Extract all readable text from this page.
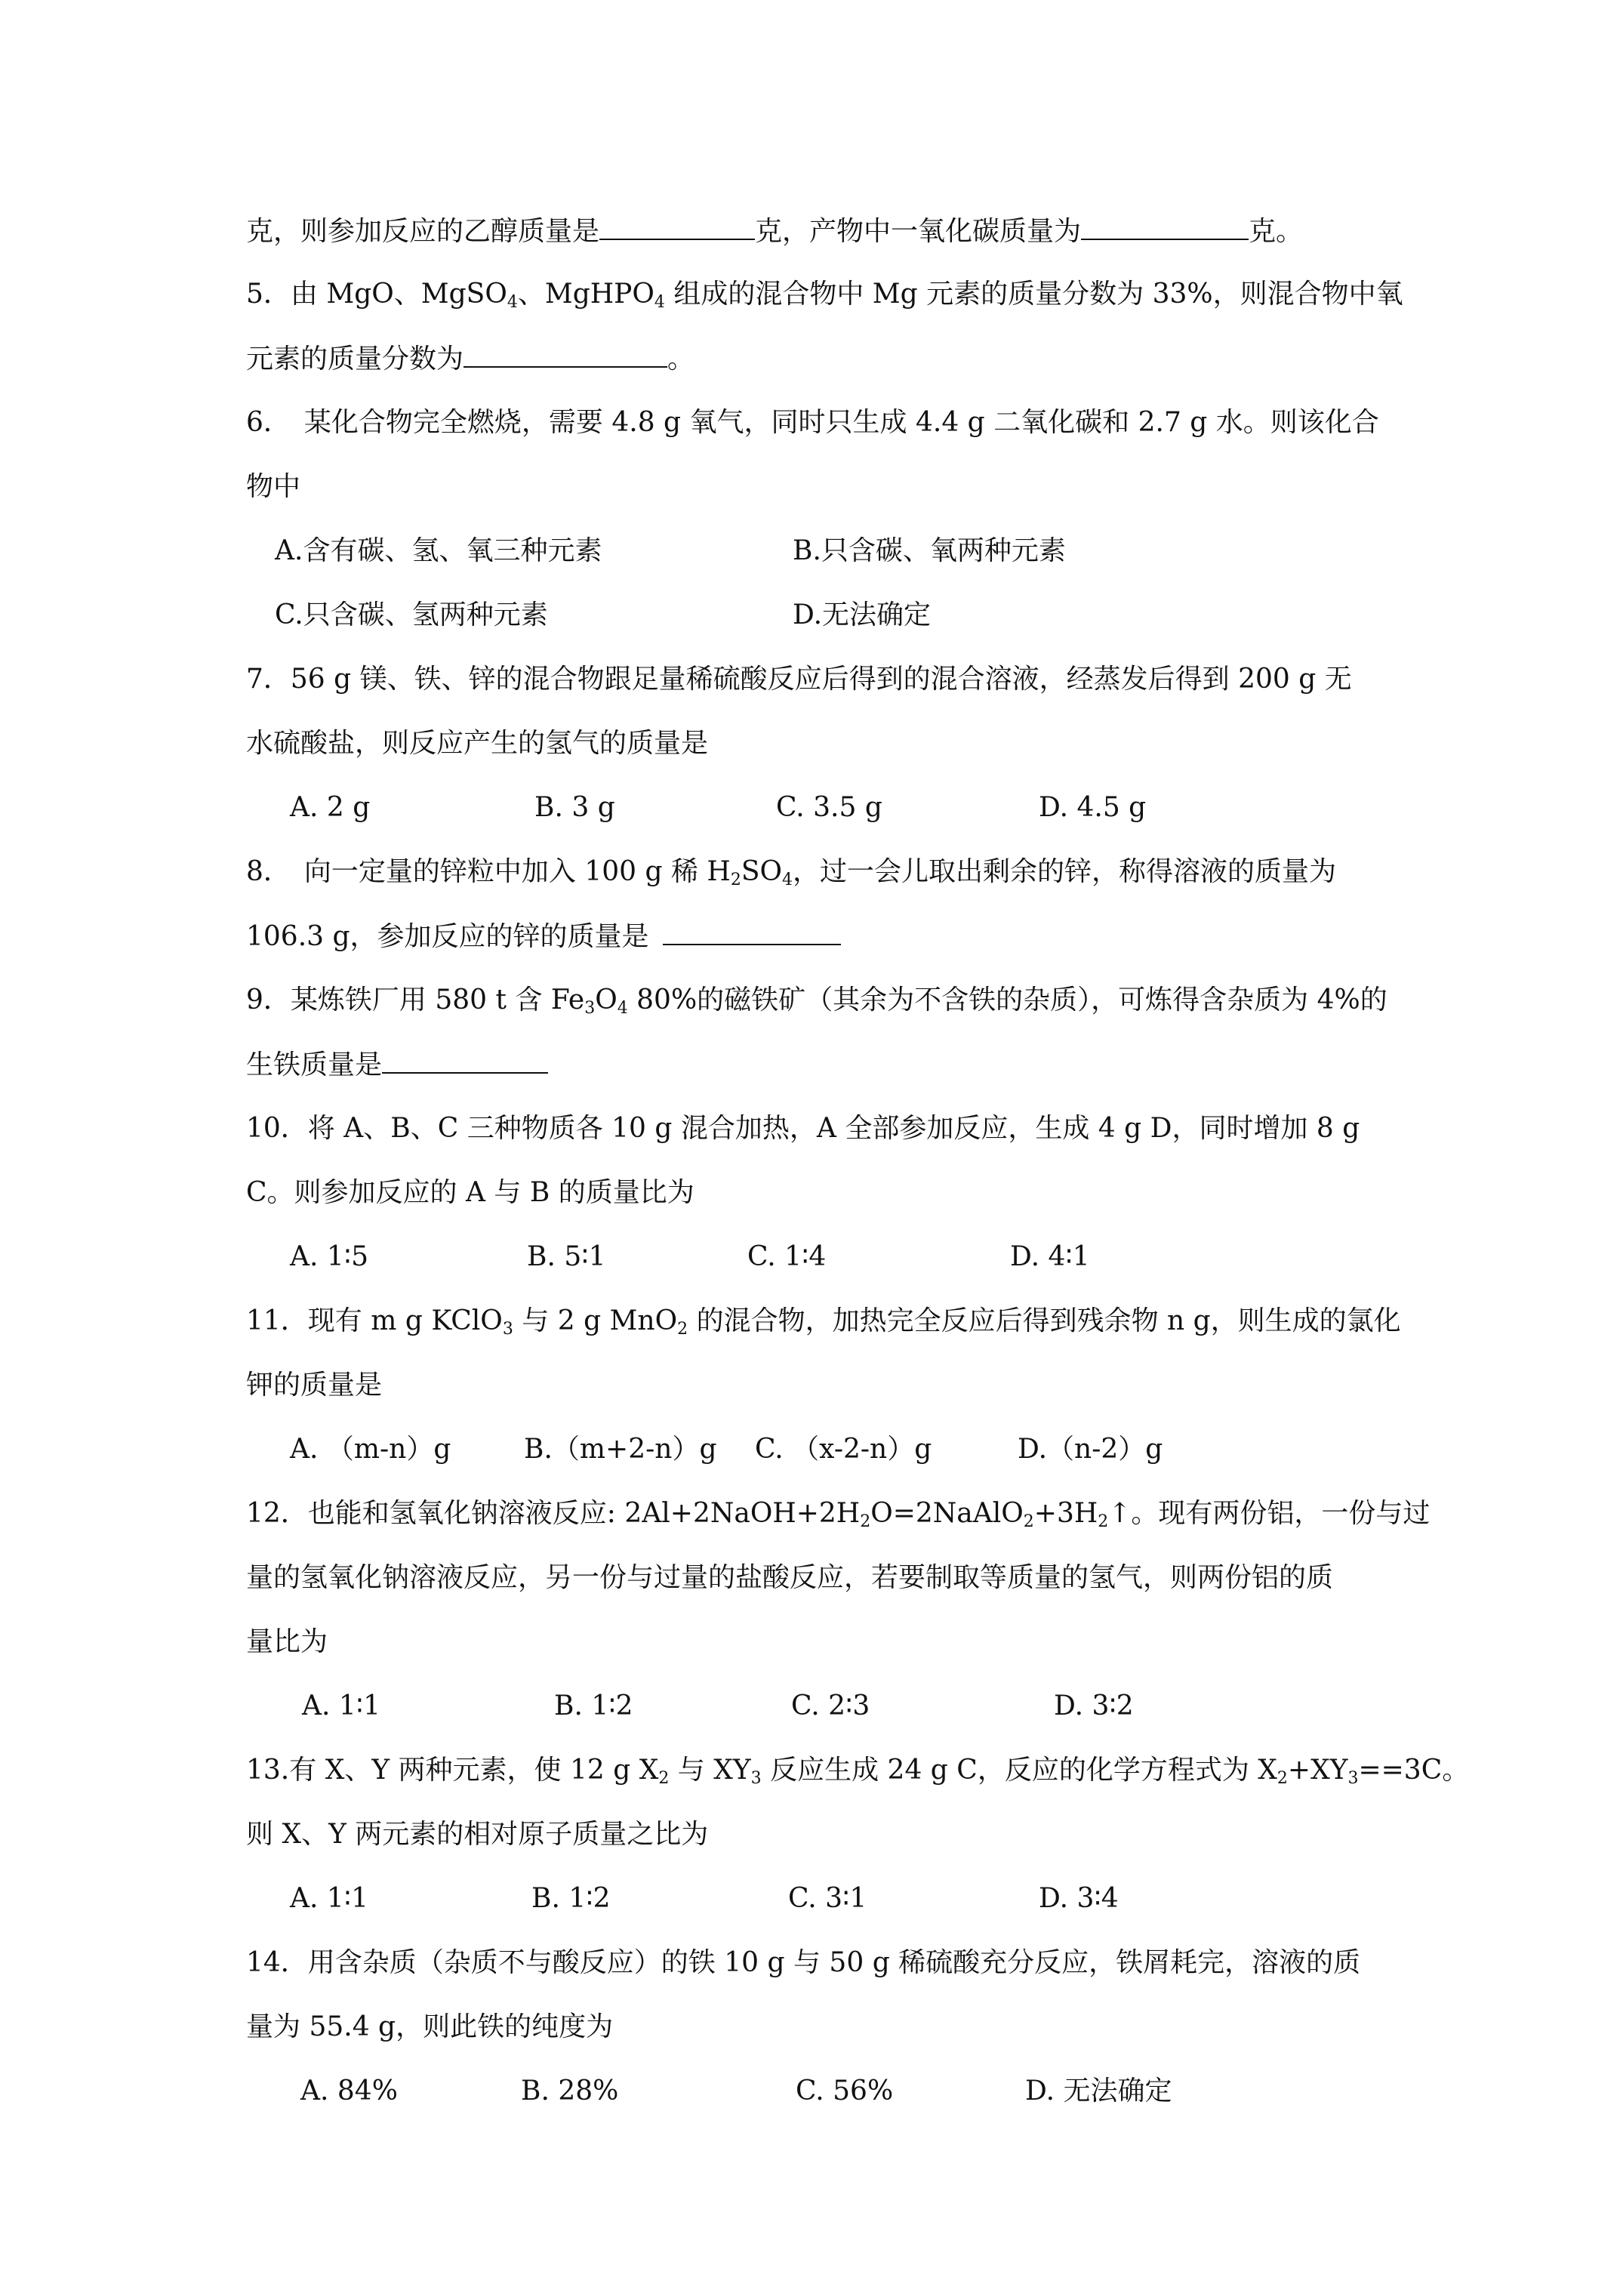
克，则参加反应的乙醇质量是	克，产物中一氧化碳质量为	克。
5．由 MgO、MgSO$_4$、MgHPO$_4$ 组成的混合物中 Mg 元素的质量分数为 33%，则混合物中氧
元素的质量分数为	。
6．　某化合物完全燃烧，需要 4.8 g 氧气，同时只生成 4.4 g 二氧化碳和 2.7 g 水。则该化合
物中
A.含有碳、氢、氧三种元素	B.只含碳、氧两种元素
C.只含碳、氢两种元素	D.无法确定
7．56 g 镁、铁、锌的混合物跟足量稀硫酸反应后得到的混合溶液，经蒸发后得到 200 g 无
水硫酸盐，则反应产生的氢气的质量是
A. 2 g	B. 3 g	C. 3.5 g	D. 4.5 g
8．　向一定量的锌粒中加入 100 g 稀 $H_2SO_4$，过一会儿取出剩余的锌，称得溶液的质量为
106.3 g，参加反应的锌的质量是
9．某炼铁厂用 580 t 含 $Fe_3O_4$ 80%的磁铁矿（其余为不含铁的杂质），可炼得含杂质为 4%的
生铁质量是
10．将 A、B、C 三种物质各 10 g 混合加热，A 全部参加反应，生成 4 g D，同时增加 8 g
C。则参加反应的 A 与 B 的质量比为
A. 1∶5	B. 5∶1	C. 1∶4	D. 4∶1
11．现有 m g KClO$_3$ 与 2 g MnO$_2$ 的混合物，加热完全反应后得到残余物 n g，则生成的氯化
钾的质量是
A. （m-n）g	B.（m+2-n）g C. （x-2-n）g	D.（n-2）g
12．也能和氢氧化钠溶液反应: $2Al+2NaOH+2H_2O=2NaAlO_2+3H_2↑$。现有两份铝，一份与过
量的氢氧化钠溶液反应，另一份与过量的盐酸反应，若要制取等质量的氢气，则两份铝的质
量比为
A. 1∶1	B. 1∶2	C. 2∶3	D. 3∶2
13.有 X、Y 两种元素，使 12 g $X_2$ 与 $XY_3$ 反应生成 24 g C，反应的化学方程式为 $X_2+XY_3==3C$。
则 X、Y 两元素的相对原子质量之比为
A. 1∶1	B. 1∶2	C. 3∶1	D. 3∶4
14．用含杂质（杂质不与酸反应）的铁 10 g 与 50 g 稀硫酸充分反应，铁屑耗完，溶液的质
量为 55.4 g，则此铁的纯度为
A. 84%	B. 28%	C. 56%	D. 无法确定
